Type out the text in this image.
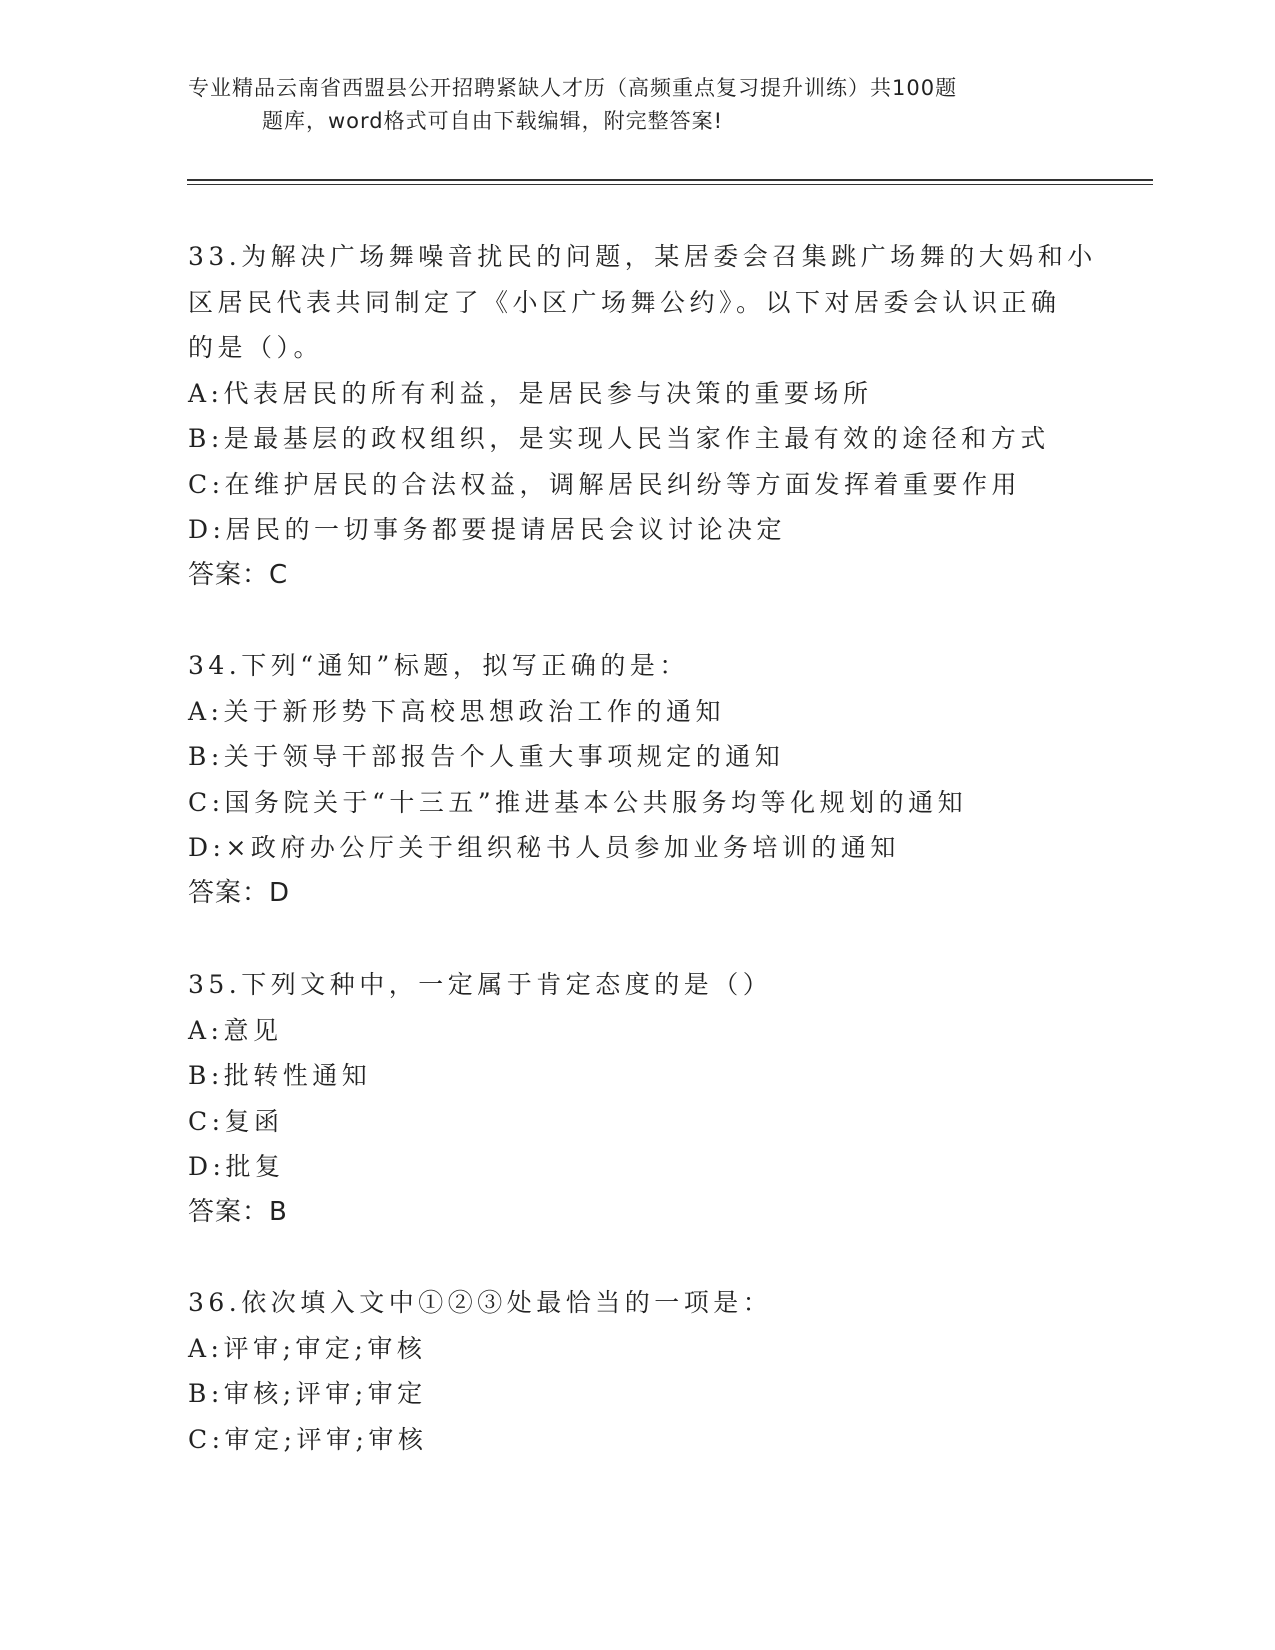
专业精品云南省西盟县公开招聘紧缺人才历（高频重点复习提升训练）共100题
题库，word格式可自由下载编辑，附完整答案!
33.为解决广场舞噪音扰民的问题，某居委会召集跳广场舞的大妈和小
区居民代表共同制定了《小区广场舞公约》。以下对居委会认识正确
的是（）。
A:代表居民的所有利益，是居民参与决策的重要场所
B:是最基层的政权组织，是实现人民当家作主最有效的途径和方式
C:在维护居民的合法权益，调解居民纠纷等方面发挥着重要作用
D:居民的一切事务都要提请居民会议讨论决定
答案：C
34.下列“通知”标题，拟写正确的是：
A:关于新形势下高校思想政治工作的通知
B:关于领导干部报告个人重大事项规定的通知
C:国务院关于“十三五”推进基本公共服务均等化规划的通知
D:×政府办公厅关于组织秘书人员参加业务培训的通知
答案：D
35.下列文种中，一定属于肯定态度的是（）
A:意见
B:批转性通知
C:复函
D:批复
答案：B
36.依次填入文中①②③处最恰当的一项是：
A:评审;审定;审核
B:审核;评审;审定
C:审定;评审;审核
